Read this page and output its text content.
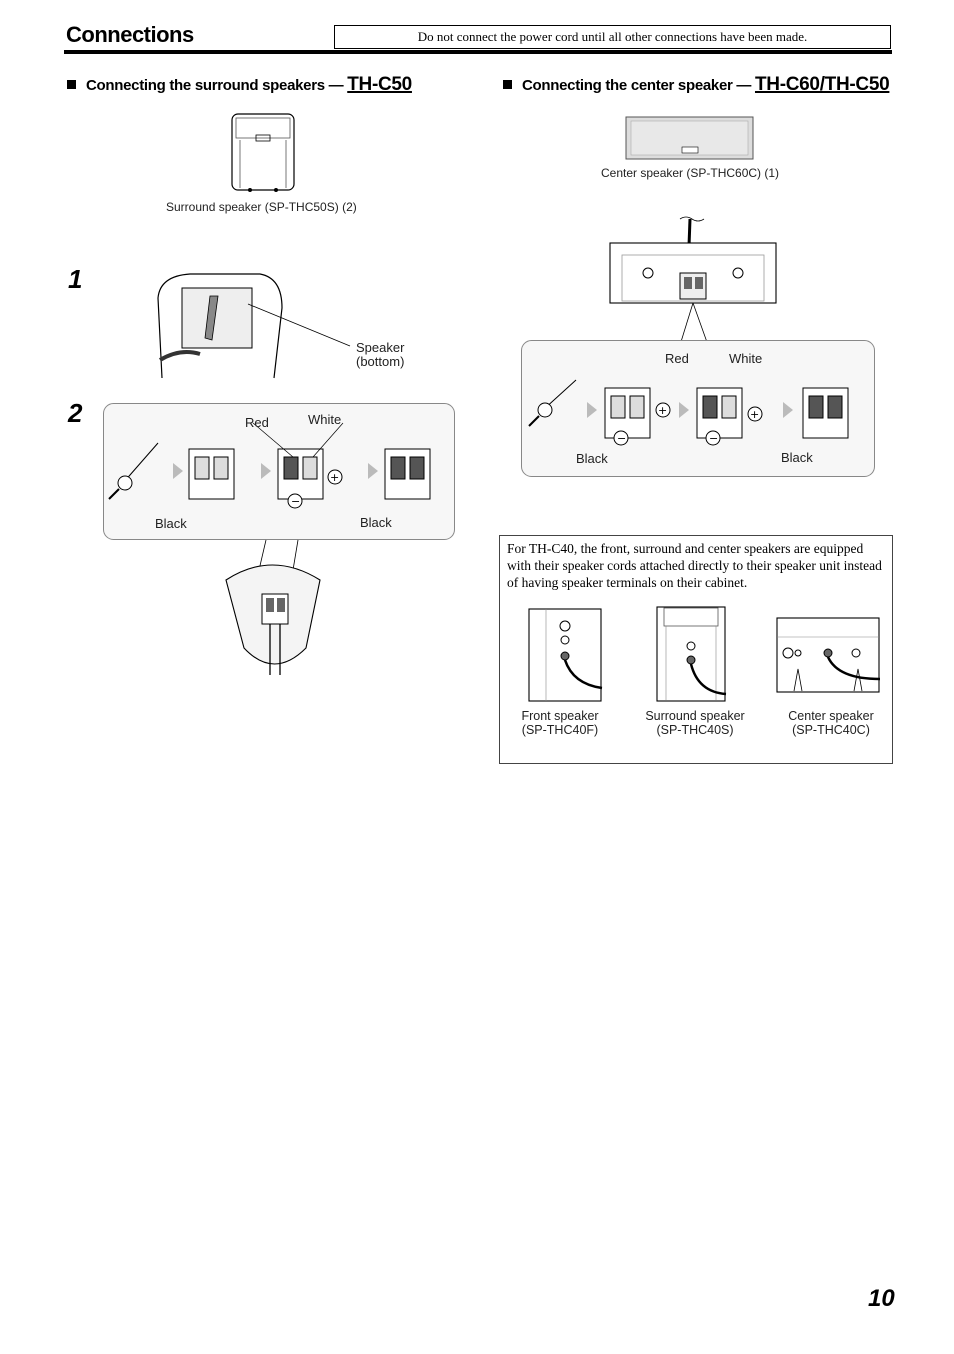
Connections	Do not connect the power cord until all other connections have been made.
Connecting the surround speakers — TH-C50	Connecting the center speaker — TH-C60/TH-C50
Surround speaker (SP-THC50S) (2)
1
Speaker
(bottom)
2
+
−
Red	White
Black	Black
Center speaker (SP-THC60C) (1)
+	+
−	−
Red	White
Black	Black
For TH-C40, the front, surround and center speakers are equipped with their speaker cords attached directly to their speaker unit instead of having speaker terminals on their cabinet.
Front speaker
(SP-THC40F)
Surround speaker
(SP-THC40S)
Center speaker
(SP-THC40C)
10
